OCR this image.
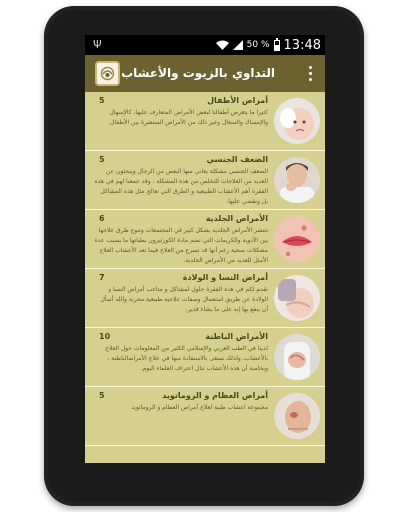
Ψ	50 % 13:48
التداوي بالزيوت والأعشاب
أمراض الأطفال
5
كثيرا ما يتعرض أطفالنا لبعض الأمراض المتعارف عليها، كالإسهال والإمساك والسعال وغير ذلك من الأمراض المنتشرة بين الأطفال.
الضعف الجنسي
5
الضعف الجنسي مشكلة يعاني منها البعض من الرجال ويبحثون عن العديد من العلاجات للتخلص من هذه المشكلة ، وقد جمعنا لهم في هذه الفقرة أهم الأعشاب الطبيعية و الطرق التي تعالج مثل هذه المشاكل بل وتقضي عليها.
الأمراض الجلدية
6
تنتشر الأمراض الجلدية بشكل كبير في المجتمعات وتنوع طرق علاجها بين الأدوية والكريمات التي تضم مادة الكورتيزون بطياتها ما يسبب عدة مشكلات صحية رغم أنها قد تسرع من العلاج فيما تعد الأعشاب العلاج الأمثل للعديد من الأمراض الجلدية.
أمراض النسا و الولادة
7
نقدم لكم في هذه الفقرة حلول لمشاكل و متاعب أمراض النسا و الولادة عن طريق استعمال وصفات علاجية طبيعية مجربة والله أسأل أن ينفع بها إنه على ما يشاء قدير.
الأمراض الباطنة
10
لدينا في الطب العربي والإسلامي الكثير من المعلومات حول العلاج بالأعشاب، ولذلك نسعى بالاستفادة منها في علاج الأمراضالباطنة ، وبخاصة أن هذه الأعشاب تنال اعتراف العلماء اليوم.
أمراض العظام و الروماتويد
5
مجموعة اعشاب طبية لعلاج أمراض العظام و الروماتويد
